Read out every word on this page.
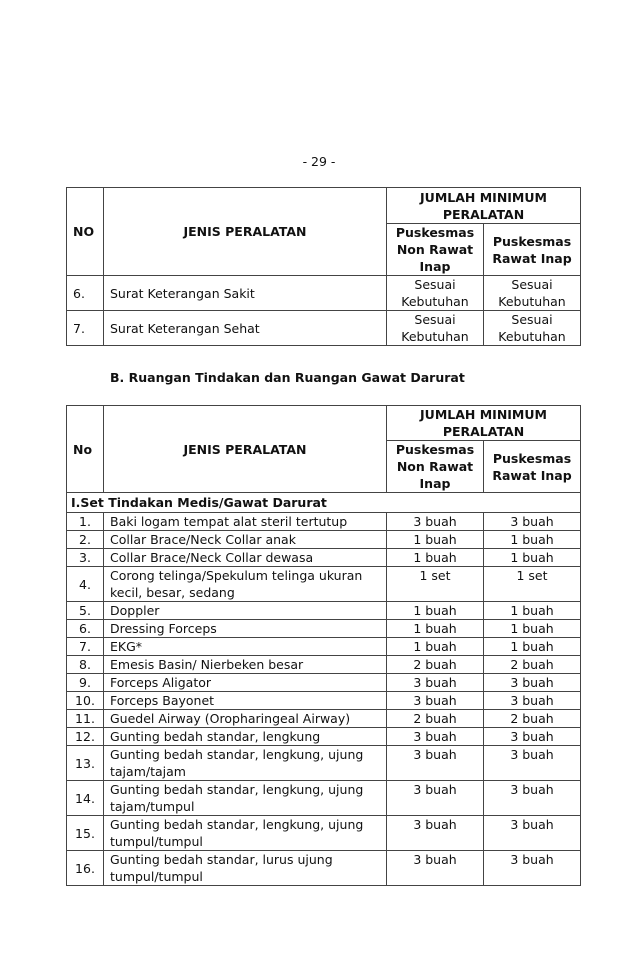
- 29 -
NO	JENIS PERALATAN	JUMLAH MINIMUM PERALATAN	
		Puskesmas Non Rawat Inap	Puskesmas Rawat Inap
6.	Surat Keterangan Sakit	Sesuai Kebutuhan	Sesuai Kebutuhan
7.	Surat Keterangan Sehat	Sesuai Kebutuhan	Sesuai Kebutuhan
B. Ruangan Tindakan dan Ruangan Gawat Darurat
No	JENIS PERALATAN	JUMLAH MINIMUM PERALATAN	
		Puskesmas Non Rawat Inap	Puskesmas Rawat Inap
I.Set Tindakan Medis/Gawat Darurat			
1.	Baki logam tempat alat steril tertutup	3 buah	3 buah
2.	Collar Brace/Neck Collar anak	1 buah	1 buah
3.	Collar Brace/Neck Collar dewasa	1 buah	1 buah
4.	Corong telinga/Spekulum telinga ukuran kecil, besar, sedang	1 set	1 set
5.	Doppler	1 buah	1 buah
6.	Dressing Forceps	1 buah	1 buah
7.	EKG*	1 buah	1 buah
8.	Emesis Basin/ Nierbeken besar	2 buah	2 buah
9.	Forceps Aligator	3 buah	3 buah
10.	Forceps Bayonet	3 buah	3 buah
11.	Guedel Airway (Oropharingeal Airway)	2 buah	2 buah
12.	Gunting bedah standar, lengkung	3 buah	3 buah
13.	Gunting bedah standar, lengkung, ujung tajam/tajam	3 buah	3 buah
14.	Gunting bedah standar, lengkung, ujung tajam/tumpul	3 buah	3 buah
15.	Gunting bedah standar, lengkung, ujung tumpul/tumpul	3 buah	3 buah
16.	Gunting bedah standar, lurus ujung tumpul/tumpul	3 buah	3 buah
